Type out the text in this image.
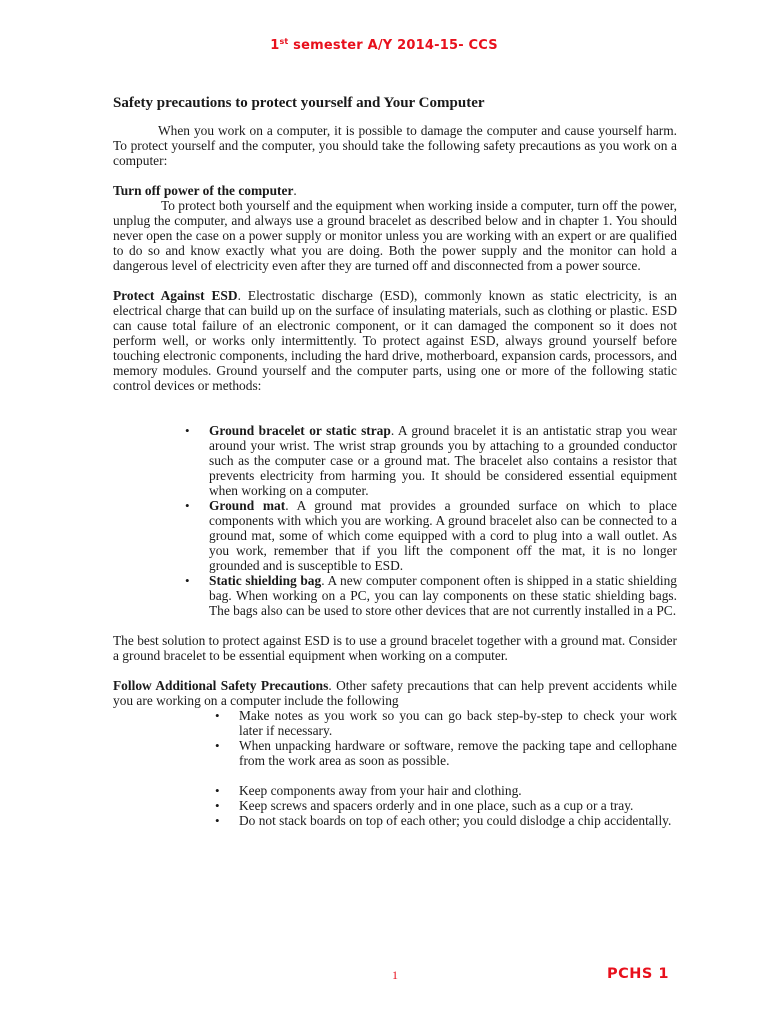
1st semester A/Y 2014-15- CCS
Safety precautions to protect yourself and Your Computer

When you work on a computer, it is possible to damage the computer and cause yourself harm. To protect yourself and the computer, you should take the following safety precautions as you work on a computer:

Turn off power of the computer.

To protect both yourself and the equipment when working inside a computer, turn off the power, unplug the computer, and always use a ground bracelet as described below and in chapter 1. You should never open the case on a power supply or monitor unless you are working with an expert or are qualified to do so and know exactly what you are doing. Both the power supply and the monitor can hold a dangerous level of electricity even after they are turned off and disconnected from a power source.

Protect Against ESD. Electrostatic discharge (ESD), commonly known as static electricity, is an electrical charge that can build up on the surface of insulating materials, such as clothing or plastic. ESD can cause total failure of an electronic component, or it can damaged the component so it does not perform well, or works only intermittently. To protect against ESD, always ground yourself before touching electronic components, including the hard drive, motherboard, expansion cards, processors, and memory modules. Ground yourself and the computer parts, using one or more of the following static control devices or methods:

• Ground bracelet or static strap. A ground bracelet it is an antistatic strap you wear around your wrist. The wrist strap grounds you by attaching to a grounded conductor such as the computer case or a ground mat. The bracelet also contains a resistor that prevents electricity from harming you. It should be considered essential equipment when working on a computer.
• Ground mat. A ground mat provides a grounded surface on which to place components with which you are working. A ground bracelet also can be connected to a ground mat, some of which come equipped with a cord to plug into a wall outlet. As you work, remember that if you lift the component off the mat, it is no longer grounded and is susceptible to ESD.
• Static shielding bag. A new computer component often is shipped in a static shielding bag. When working on a PC, you can lay components on these static shielding bags. The bags also can be used to store other devices that are not currently installed in a PC.

The best solution to protect against ESD is to use a ground bracelet together with a ground mat. Consider a ground bracelet to be essential equipment when working on a computer.

Follow Additional Safety Precautions. Other safety precautions that can help prevent accidents while you are working on a computer include the following

• Make notes as you work so you can go back step-by-step to check your work later if necessary.
• When unpacking hardware or software, remove the packing tape and cellophane from the work area as soon as possible.
• Keep components away from your hair and clothing.
• Keep screws and spacers orderly and in one place, such as a cup or a tray.
• Do not stack boards on top of each other; you could dislodge a chip accidentally.
1	PCHS 1
